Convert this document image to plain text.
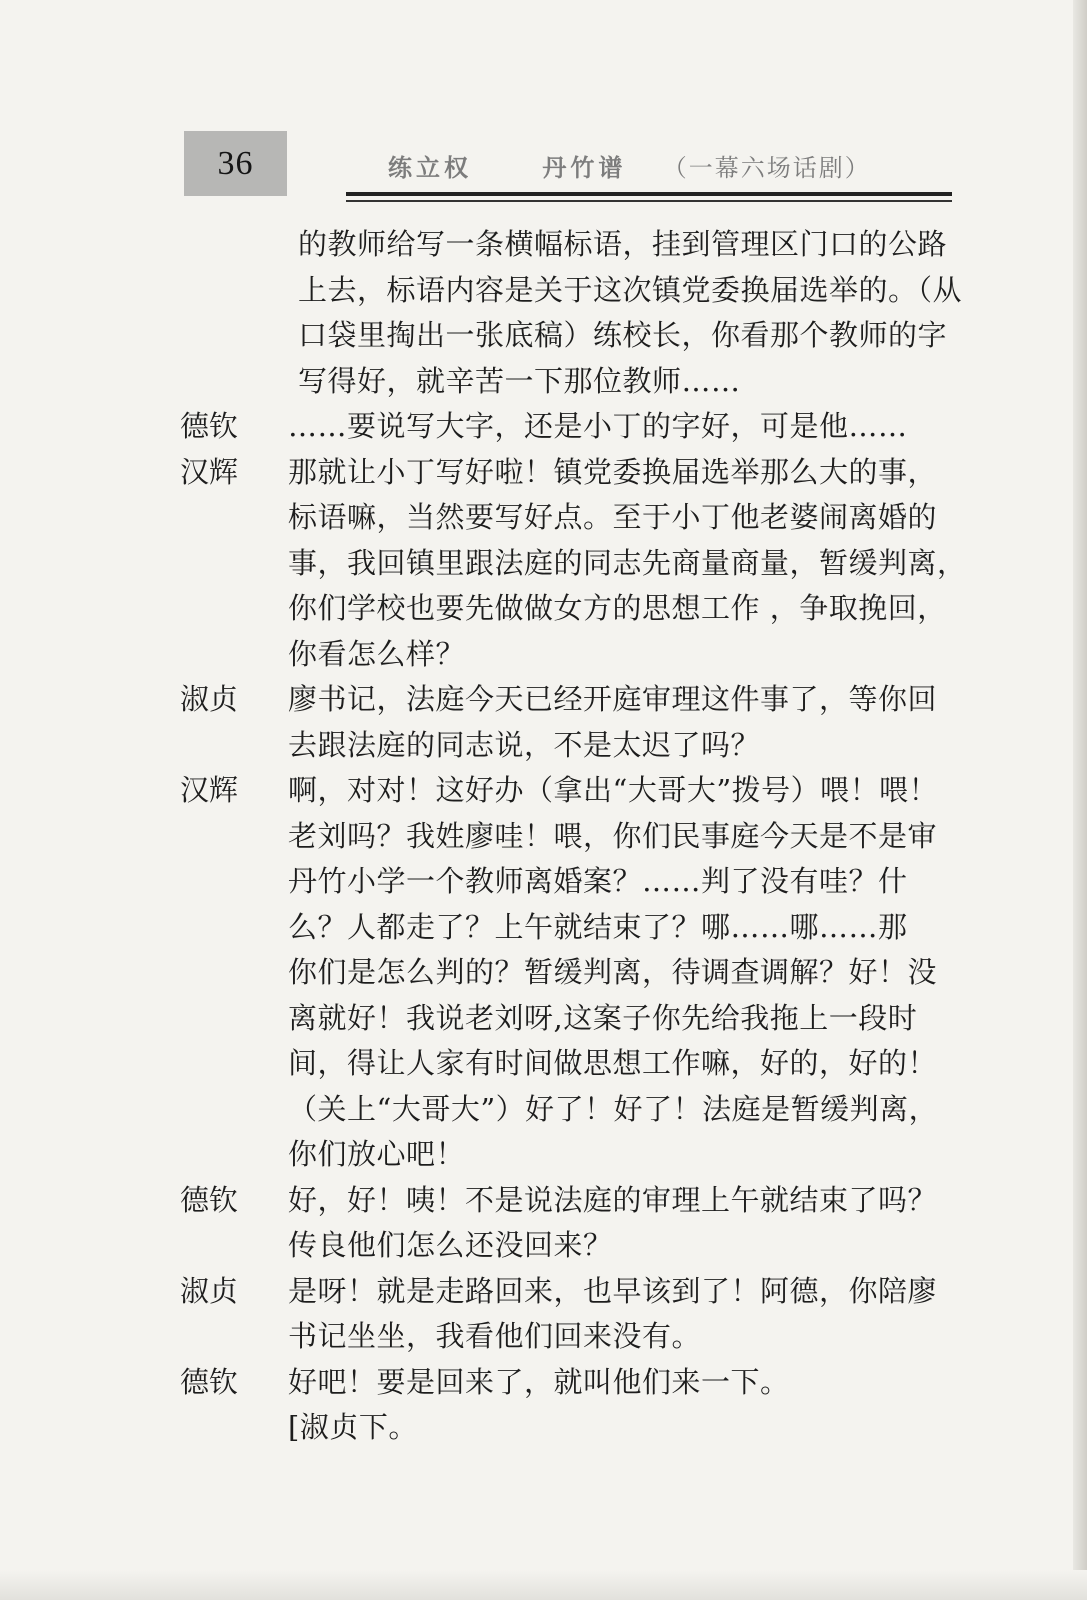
36	练立权	丹竹谱 （一幕六场话剧）
的教师给写一条横幅标语，挂到管理区门口的公路
上去，标语内容是关于这次镇党委换届选举的。（从
口袋里掏出一张底稿）练校长，你看那个教师的字
写得好，就辛苦一下那位教师……
德钦	……要说写大字，还是小丁的字好，可是他……
汉辉	那就让小丁写好啦！镇党委换届选举那么大的事，
标语嘛，当然要写好点。至于小丁他老婆闹离婚的
事，我回镇里跟法庭的同志先商量商量，暂缓判离，
你们学校也要先做做女方的思想工作 ，争取挽回，
你看怎么样？
淑贞	廖书记，法庭今天已经开庭审理这件事了，等你回
去跟法庭的同志说，不是太迟了吗？
汉辉	啊，对对！这好办（拿出“大哥大”拨号）喂！喂！
老刘吗？我姓廖哇！喂，你们民事庭今天是不是审
丹竹小学一个教师离婚案？……判了没有哇？什
么？人都走了？上午就结束了？哪……哪……那
你们是怎么判的？暂缓判离，待调查调解？好！没
离就好！我说老刘呀,这案子你先给我拖上一段时
间，得让人家有时间做思想工作嘛，好的，好的！
（关上“大哥大”）好了！好了！法庭是暂缓判离，
你们放心吧！
德钦	好，好！咦！不是说法庭的审理上午就结束了吗？
传良他们怎么还没回来？
淑贞	是呀！就是走路回来，也早该到了！阿德，你陪廖
书记坐坐，我看他们回来没有。
德钦	好吧！要是回来了，就叫他们来一下。
[淑贞下。
